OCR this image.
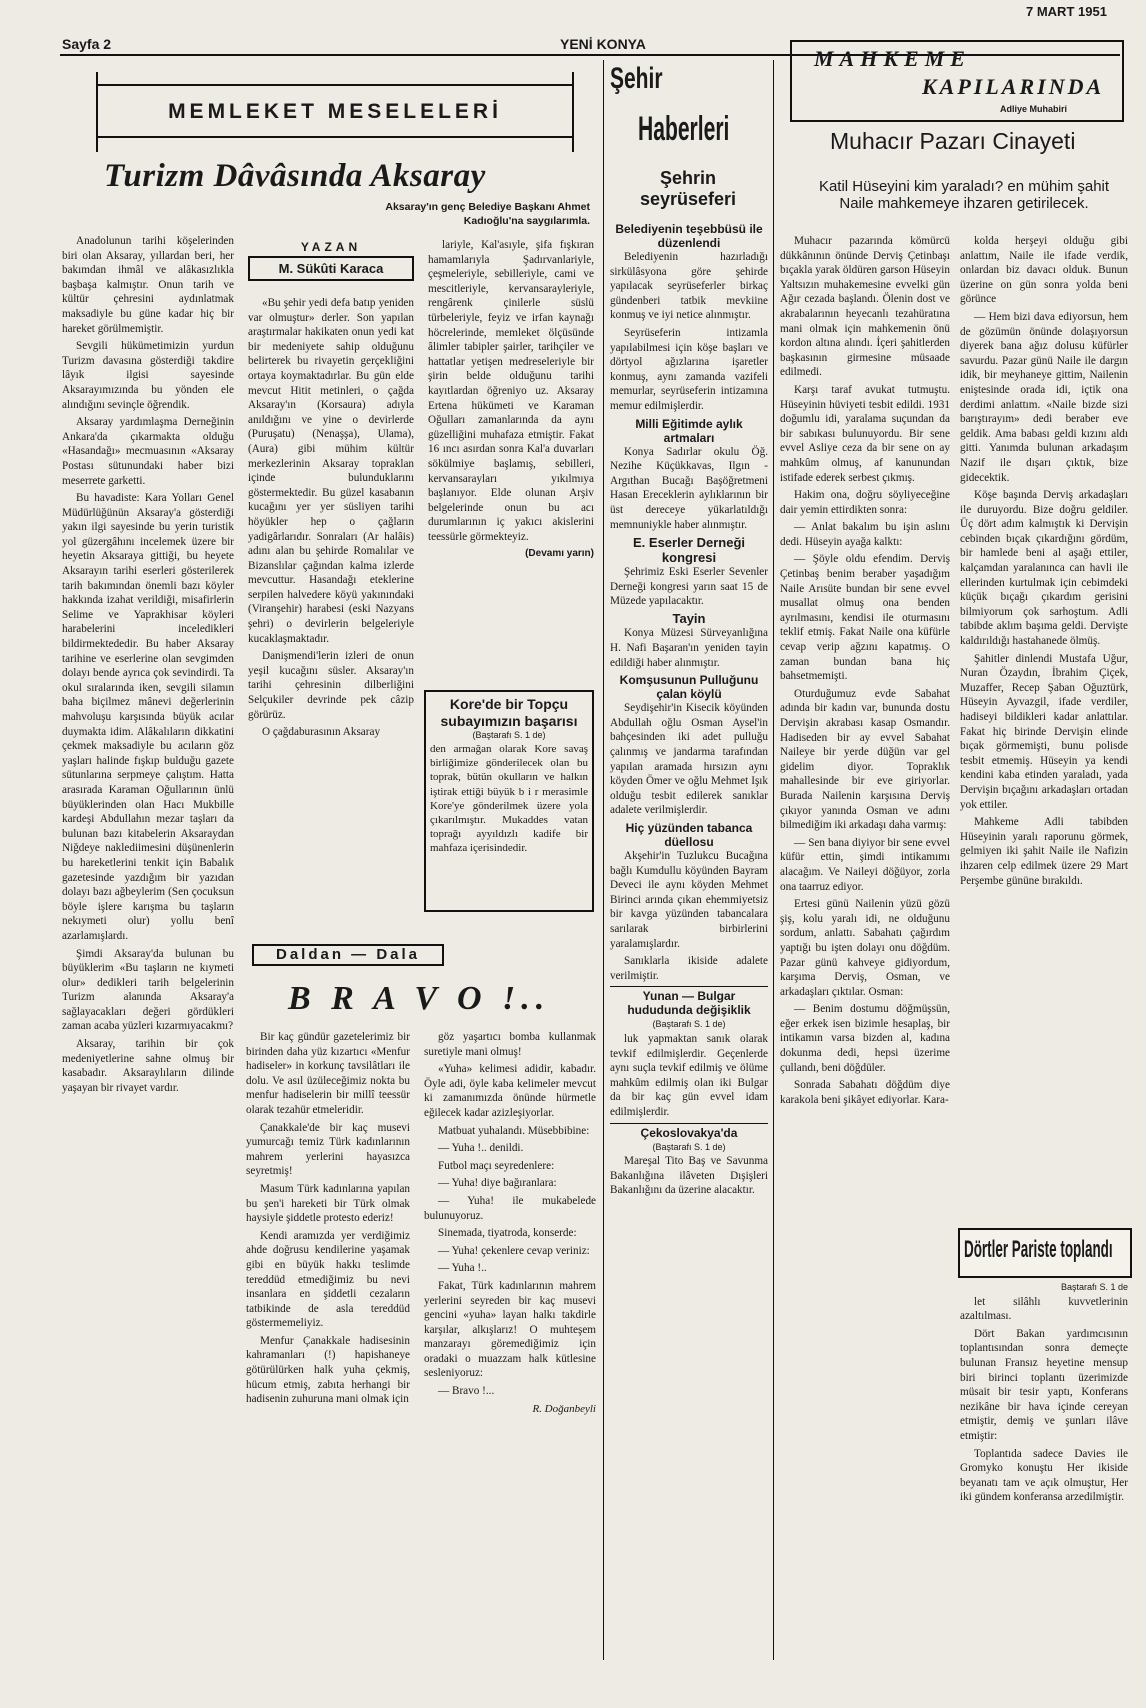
Sayfa 2	YENİ KONYA
7 MART 1951
MEMLEKET MESELELERİ
Turizm Dâvâsında Aksaray
Aksaray'ın genç Belediye Başkanı Ahmet Kadıoğlu'na saygılarımla.

Anadolunun tarihi köşelerinden biri olan Aksaray, yıllardan beri, her bakımdan ihmâl ve alâkasızlıkla başbaşa kalmıştır. Onun tarih ve kültür çehresini aydınlatmak maksadiyle bu güne kadar hiç bir hareket görülmemiştir.

Sevgili hükümetimizin yurdun Turizm davasına gösterdiği takdire lâyık ilgisi sayesinde Aksarayımızında bu yönden ele alındığını sevinçle öğrendik.

Aksaray yardımlaşma Derneğinin Ankara'da çıkarmakta olduğu «Hasandağı» mecmuasının «Aksaray Postası sütunundaki haber bizi meserrete garketti.

Bu havadiste: Kara Yolları Genel Müdürlüğünün Aksaray'a gösterdiği yakın ilgi sayesinde bu yerin turistik yol güzergâhını incelemek üzere bir heyetin Aksaraya gittiği, bu heyete Aksarayın tarihi eserleri gösterilerek tarih bakımından önemli bazı köyler hakkında izahat verildiği, misafirlerin Selime ve Yaprakhisar köyleri harabelerini inceledikleri bildirmektededir. Bu haber Aksaray tarihine ve eserlerine olan sevgimden dolayı bende ayrıca çok sevindirdi. Ta okul sıralarında iken, sevgili silamın baha biçilmez mânevi değerlerinin mahvoluşu karşısında büyük acılar duymakta idim. Alâkalıların dikkatini çekmek maksadiyle bu acıların göz yaşları halinde fışkıp bulduğu gazete sütunlarına serpmeye çalıştım. Hatta arasırada Karaman Oğullarının ünlü büyüklerinden olan Hacı Mukbille kardeşi Abdullahın mezar taşları da bulunan bazı kitabelerin Aksaraydan Niğdeye naklediimesini düşünenlerin bu hareketlerini tenkit için Babalık gazetesinde yazdığım bir yazıdan dolayı bazı ağbeylerim (Sen çocuksun böyle işlere karışma bu taşların nekıymeti olur) yollu benî azarlamışlardı.

Şimdi Aksaray'da bulunan bu büyüklerim «Bu taşların ne kıymeti olur» dedikleri tarih belgelerinin Turizm alanında Aksaray'a sağlayacakları değeri gördükleri zaman acaba yüzleri kızarmıyacakmı?

Aksaray, tarihin bir çok medeniyetlerine sahne olmuş bir kasabadır. Aksaraylıların dilinde yaşayan bir rivayet vardır.

YAZAN
M. Sükûti Karaca

«Bu şehir yedi defa batıp yeniden var olmuştur» derler. Son yapılan araştırmalar hakikaten onun yedi kat bir medeniyete sahip olduğunu belirterek bu rivayetin gerçekliğini ortaya koymaktadırlar. Bu gün elde mevcut Hitit metinleri, o çağda Aksaray'ın (Korsaura) adıyla anıldığını ve yine o devirlerde (Puruşatu) (Nenaşşa), Ulama), (Aura) gibi mühim kültür merkezlerinin Aksaray topraklan içinde bulunduklarını göstermektedir. Bu güzel kasabanın kucağını yer yer süsliyen tarihi höyükler hep o çağların yadigârlarıdır. Sonraları (Ar halâis) adını alan bu şehirde Romalılar ve Bizanslılar çağından kalma izlerde mevcuttur. Hasandağı eteklerine serpilen halvedere köyü yakınındaki (Viranşehir) harabesi (eski Nazyans şehri) o devirlerin belgeleriyle kucaklaşmaktadır.

Danişmendi'lerin izleri de onun yeşil kucağını süsler. Aksaray'ın tarihi çehresinin dilberliğini Selçukiler devrinde pek câzip görürüz.

O çağdaburasının Aksaray

lariyle, Kal'asıyle, şifa fışkıran hamamlarıyla Şadırvanlariyle, çeşmeleriyle, sebilleriyle, cami ve mescitleriyle, kervansarayleriyle, rengârenk çinilerle süslü türbeleriyle, feyiz ve irfan kaynağı höcrelerinde, memleket ölçüsünde âlimler tabipler şairler, tarihçiler ve hattatlar yetişen medreseleriyle bir şirin belde olduğunu tarihi kayıtlardan öğreniyo uz. Aksaray Ertena hükümeti ve Karaman Oğulları zamanlarında da aynı güzelliğini muhafaza etmiştir. Fakat 16 ıncı asırdan sonra Kal'a duvarları sökülmiye başlamış, sebilleri, kervansarayları yıkılmıya başlanıyor. Elde olunan Arşiv belgelerinde onun bu acı durumlarının iç yakıcı akislerini teessürle görmekteyiz.

(Devamı yarın)
Kore'de bir Topçu subayımızın başarısı
(Baştarafı S. 1 de)
den armağan olarak Kore savaş birliğimize gönderilecek olan bu toprak, bütün okulların ve halkın iştirak ettiği büyük b i r merasimle Kore'ye gönderilmek üzere yola çıkarılmıştır. Mukaddes vatan toprağı ayyıldızlı kadife bir mahfaza içerisindedir.
Daldan — Dala
B R A V O !..

Bir kaç gündür gazetelerimiz bir birinden daha yüz kızartıcı «Menfur hadiseler» in korkunç tavsilâtları ile dolu. Ve asıl üzüleceğimiz nokta bu menfur hadiselerin bir millî teessür olarak tezahür etmeleridir.

Çanakkale'de bir kaç musevi yumurcağı temiz Türk kadınlarının mahrem yerlerini hayasızca seyretmiş!

Masum Türk kadınlarına yapılan bu şen'i hareketi bir Türk olmak haysiyle şiddetle protesto ederiz!

Kendi aramızda yer verdiğimiz ahde doğrusu kendilerine yaşamak gibi en büyük hakkı teslimde tereddüd etmediğimiz bu nevi insanlara en şiddetli cezaların tatbikinde de asla tereddüd göstermemeliyiz.

Menfur Çanakkale hadisesinin kahramanları (!) hapishaneye götürülürken halk yuha çekmiş, hücum etmiş, zabıta herhangi bir hadisenin zuhuruna mani olmak için

göz yaşartıcı bomba kullanmak suretiyle mani olmuş!

«Yuha» kelimesi adidir, kabadır. Öyle adi, öyle kaba kelimeler mevcut ki zamanımızda önünde hürmetle eğilecek kadar azizleşiyorlar.

Matbuat yuhalandı. Müsebbibine:

— Yuha !.. denildi.

Futbol maçı seyredenlere:

— Yuha! diye bağıranlara:

— Yuha! ile mukabelede bulunuyoruz.

Sinemada, tiyatroda, konserde:

— Yuha! çekenlere cevap veriniz:

— Yuha !..

Fakat, Türk kadınlarının mahrem yerlerini seyreden bir kaç musevi gencini «yuha» layan halkı takdirle karşılar, alkışlarız! O muhteşem manzarayı göremediğimiz için oradaki o muazzam halk kütlesine sesleniyoruz:

— Bravo !...

R. Doğanbeyli
Şehir
Haberleri
Şehrin seyrüseferi
Belediyenin teşebbüsü ile düzenlendi

Belediyenin hazırladığı sirkülâsyona göre şehirde yapılacak seyrüseferler birkaç gündenberi tatbik mevkiine konmuş ve iyi netice alınmıştır.

Seyrüseferin intizamla yapılabilmesi için köşe başları ve dörtyol ağızlarına işaretler konmuş, aynı zamanda vazifeli memurlar, seyrüseferin intizamına memur edilmişlerdir.

Milli Eğitimde aylık artmaları

Konya Sadırlar okulu Öğ. Nezihe Küçükkavas, Ilgın - Argıthan Bucağı Başöğretmeni Hasan Ereceklerin aylıklarının bir üst dereceye yükarlatıldığı memnuniykle haber alınmıştır.

E. Eserler Derneği kongresi

Şehrimiz Eski Eserler Sevenler Derneği kongresi yarın saat 15 de Müzede yapılacaktır.

Tayin

Konya Müzesi Sürveyanlığına H. Nafi Başaran'ın yeniden tayin edildiği haber alınmıştır.

Komşusunun Pulluğunu çalan köylü

Seydişehir'in Kisecik köyünden Abdullah oğlu Osman Aysel'in bahçesinden iki adet pulluğu çalınmış ve jandarma tarafından yapılan aramada hırsızın aynı köyden Ömer ve oğlu Mehmet Işık olduğu tesbit edilerek sanıklar adalete verilmişlerdir.

Hiç yüzünden tabanca düellosu

Akşehir'in Tuzlukcu Bucağına bağlı Kumdullu köyünden Bayram Deveci ile aynı köyden Mehmet Birinci arında çıkan ehemmiyetsiz bir kavga yüzünden tabancalara sarılarak birbirlerini yaralamışlardır.

Sanıklarla ikiside adalete verilmiştir.

Yunan — Bulgar hududunda değişiklik
(Baştarafı S. 1 de)

luk yapmaktan sanık olarak tevkif edilmişlerdir. Geçenlerde aynı suçla tevkif edilmiş ve ölüme mahkûm edilmiş olan iki Bulgar da bir kaç gün evvel idam edilmişlerdir.

Çekoslovakya'da
(Baştarafı S. 1 de)

Mareşal Tito Baş ve Savunma Bakanlığına ilâveten Dışişleri Bakanlığını da üzerine alacaktır.

MAHKEME
KAPILARINDA
Adliye Muhabiri
Muhacır Pazarı Cinayeti
Katil Hüseyini kim yaraladı? en mühim şahit Naile mahkemeye ihzaren getirilecek.

Muhacır pazarında kömürcü dükkânının önünde Derviş Çetinbaşı bıçakla yarak öldüren garson Hüseyin Yaltsızın muhakemesine evvelki gün Ağır cezada başlandı. Ölenin dost ve akrabalarının heyecanlı tezahüratına mani olmak için mahkemenin önü kordon altına alındı. İçeri şahitlerden başkasının girmesine müsaade edilmedi.

Karşı taraf avukat tutmuştu. Hüseyinin hüviyeti tesbit edildi. 1931 doğumlu idi, yaralama suçundan da bir sabıkası bulunuyordu. Bir sene evvel Asliye ceza da bir sene on ay mahkûm olmuş, af kanunundan istifade ederek serbest çıkmış.

Hakim ona, doğru söyliyeceğine dair yemin ettirdikten sonra:

— Anlat bakalım bu işin aslını dedi. Hüseyin ayağa kalktı:

— Şöyle oldu efendim. Derviş Çetinbaş benim beraber yaşadığım Naile Arısüte bundan bir sene evvel musallat olmuş ona benden ayrılmasını, kendisi ile oturmasını teklif etmiş. Fakat Naile ona küfürle cevap verip ağzını kapatmış. O zaman bundan bana hiç bahsetmemişti.

Oturduğumuz evde Sabahat adında bir kadın var, bununda dostu Dervişin akrabası kasap Osmandır. Hadiseden bir ay evvel Sabahat Naileye bir yerde düğün var gel gidelim diyor. Topraklık mahallesinde bir eve giriyorlar. Burada Nailenin karşısına Derviş çıkıyor yanında Osman ve adını bilmediğim iki arkadaşı daha varmış:

— Sen bana diyiyor bir sene evvel küfür ettin, şimdi intikamımı alacağım. Ve Naileyi döğüyor, zorla ona taarruz ediyor.

Ertesi günü Nailenin yüzü gözü şiş, kolu yaralı idi, ne olduğunu sordum, anlattı. Sabahatı çağırdım yaptığı bu işten dolayı onu döğdüm. Pazar günü kahveye gidiyordum, karşıma Derviş, Osman, ve arkadaşları çıktılar. Osman:

— Benim dostumu döğmüşsün, eğer erkek isen bizimle hesaplaş, bir intikamın varsa bizden al, kadına dokunma dedi, hepsi üzerime çullandı, beni döğdüler.

Sonrada Sabahatı döğdüm diye karakola beni şikâyet ediyorlar. Kara-

kolda herşeyi olduğu gibi anlattım, Naile ile ifade verdik, onlardan biz davacı olduk. Bunun üzerine on gün sonra yolda beni görünce

— Hem bizi dava ediyorsun, hem de gözümün önünde dolaşıyorsun diyerek bana ağız dolusu küfürler savurdu. Pazar günü Naile ile dargın idik, bir meyhaneye gittim, Nailenin eniştesinde orada idi, içtik ona derdimi anlattım. «Naile bizde sizi barıştırayım» dedi beraber eve geldik. Ama babası geldi kızını aldı gitti. Yanımda bulunan arkadaşım Nazif ile dışarı çıktık, bize gidecektik.

Köşe başında Derviş arkadaşları ile duruyordu. Bize doğru geldiler. Üç dört adım kalmıştık ki Dervişin cebinden bıçak çıkardığını gördüm, bir hamlede beni al aşağı ettiler, kalçamdan yaralanınca can havli ile ellerinden kurtulmak için cebimdeki küçük bıçağı çıkardım gerisini bilmiyorum çok sarhoştum. Adli tabibde aklım başıma geldi. Dervişte kaldırıldığı hastahanede ölmüş.

Şahitler dinlendi Mustafa Uğur, Nuran Özaydın, İbrahim Çiçek, Muzaffer, Recep Şaban Oğuztürk, Hüseyin Ayvazgil, ifade verdiler, hadiseyi bildikleri kadar anlattılar. Fakat hiç birinde Dervişin elinde bıçak görmemişti, bunu polisde tesbit etmemiş. Hüseyin ya kendi kendini kaba etinden yaraladı, yada Dervişin bıçağını arkadaşları ortadan yok ettiler.

Mahkeme Adli tabibden Hüseyinin yaralı raporunu görmek, gelmiyen iki şahit Naile ile Nafizin ihzaren celp edilmek üzere 29 Mart Perşembe gününe bırakıldı.

Dörtler Pariste toplandı
Baştarafı S. 1 de

let silâhlı kuvvetlerinin azaltılması.

Dört Bakan yardımcısının toplantısından sonra demeçte bulunan Fransız heyetine mensup biri birinci toplantı üzerimizde müsait bir tesir yaptı, Konferans nezikâne bir hava içinde cereyan etmiştir, demiş ve şunları ilâve etmiştir:

Toplantıda sadece Davies ile Gromyko konuştu Her ikiside beyanatı tam ve açık olmuştur, Her iki gündem konferansa arzedilmiştir.
